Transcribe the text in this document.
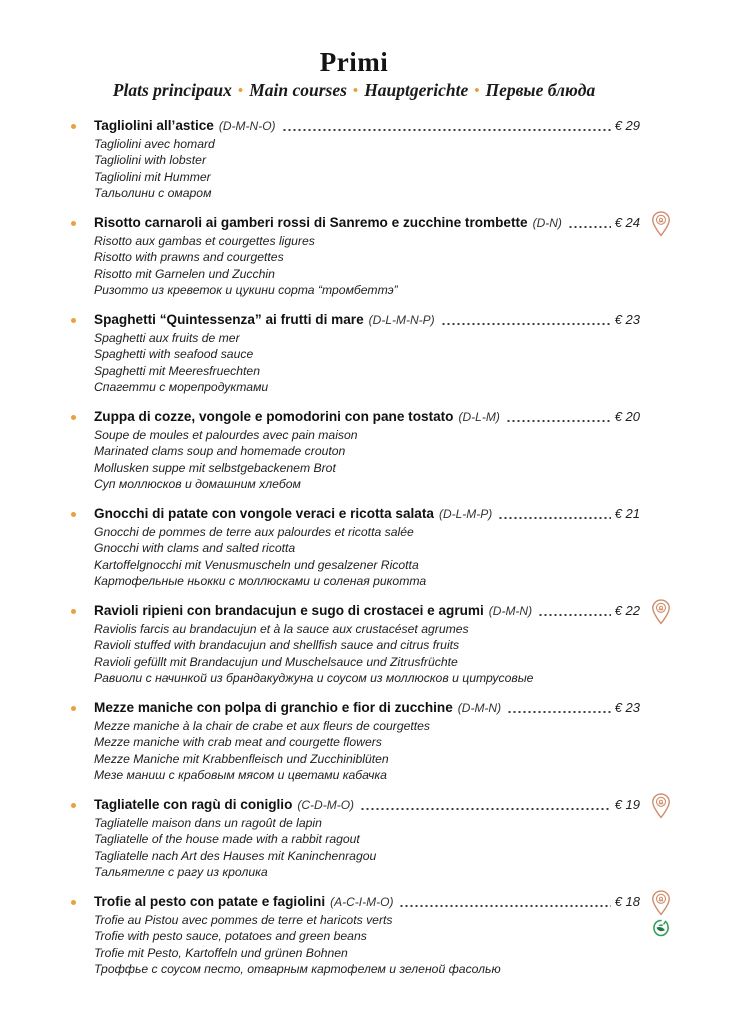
Primi
Plats principaux • Main courses • Hauptgerichte • Первые блюда
Tagliolini all’astice (D-M-N-O)	€ 29
Tagliolini avec homard
Tagliolini with lobster
Tagliolini mit Hummer
Тальолини с омаром
Risotto carnaroli ai gamberi rossi di Sanremo e zucchine trombette (D-N)	€ 24
Risotto aux gambas et courgettes ligures
Risotto with prawns and courgettes
Risotto mit Garnelen und Zucchin
Ризотто из креветок и цукини сорта “тромбеттэ”
Spaghetti “Quintessenza” ai frutti di mare (D-L-M-N-P)	€ 23
Spaghetti aux fruits de mer
Spaghetti with seafood sauce
Spaghetti mit Meeresfruechten
Спагетти с морепродуктами
Zuppa di cozze, vongole e pomodorini con pane tostato (D-L-M)	€ 20
Soupe de moules et palourdes avec pain maison
Marinated clams soup and homemade crouton
Mollusken suppe mit selbstgebackenem Brot
Суп моллюсков и домашним хлебом
Gnocchi di patate con vongole veraci e ricotta salata (D-L-M-P)	€ 21
Gnocchi de pommes de terre aux palourdes et ricotta salée
Gnocchi with clams and salted ricotta
Kartoffelgnocchi mit Venusmuscheln und gesalzener Ricotta
Картофельные ньокки с моллюсками и соленая рикотта
Ravioli ripieni con brandacujun e sugo di crostacei e agrumi (D-M-N)	€ 22
Raviolis farcis au brandacujun et à la sauce aux crustacéset agrumes
Ravioli stuffed with brandacujun and shellfish sauce and citrus fruits
Ravioli gefüllt mit Brandacujun und Muschelsauce und Zitrusfrüchte
Равиоли с начинкой из брандакуджуна и соусом из моллюсков и цитрусовые
Mezze maniche con polpa di granchio e fior di zucchine (D-M-N)	€ 23
Mezze maniche à la chair de crabe et aux fleurs de courgettes
Mezze maniche with crab meat and courgette flowers
Mezze Maniche mit Krabbenfleisch und Zucchiniblüten
Мезе маниш с крабовым мясом и цветами кабачка
Tagliatelle con ragù di coniglio (C-D-M-O)	€ 19
Tagliatelle maison dans un ragoût de lapin
Tagliatelle of the house made with a rabbit ragout
Tagliatelle nach Art des Hauses mit Kaninchenragou
Тальятелле с рагу из кролика
Trofie al pesto con patate e fagiolini (A-C-I-M-O)	€ 18
Trofie au Pistou avec pommes de terre et haricots verts
Trofie with pesto sauce, potatoes and green beans
Trofie mit Pesto, Kartoffeln und grünen Bohnen
Троффье с соусом песто, отварным картофелем и зеленой фасолью
